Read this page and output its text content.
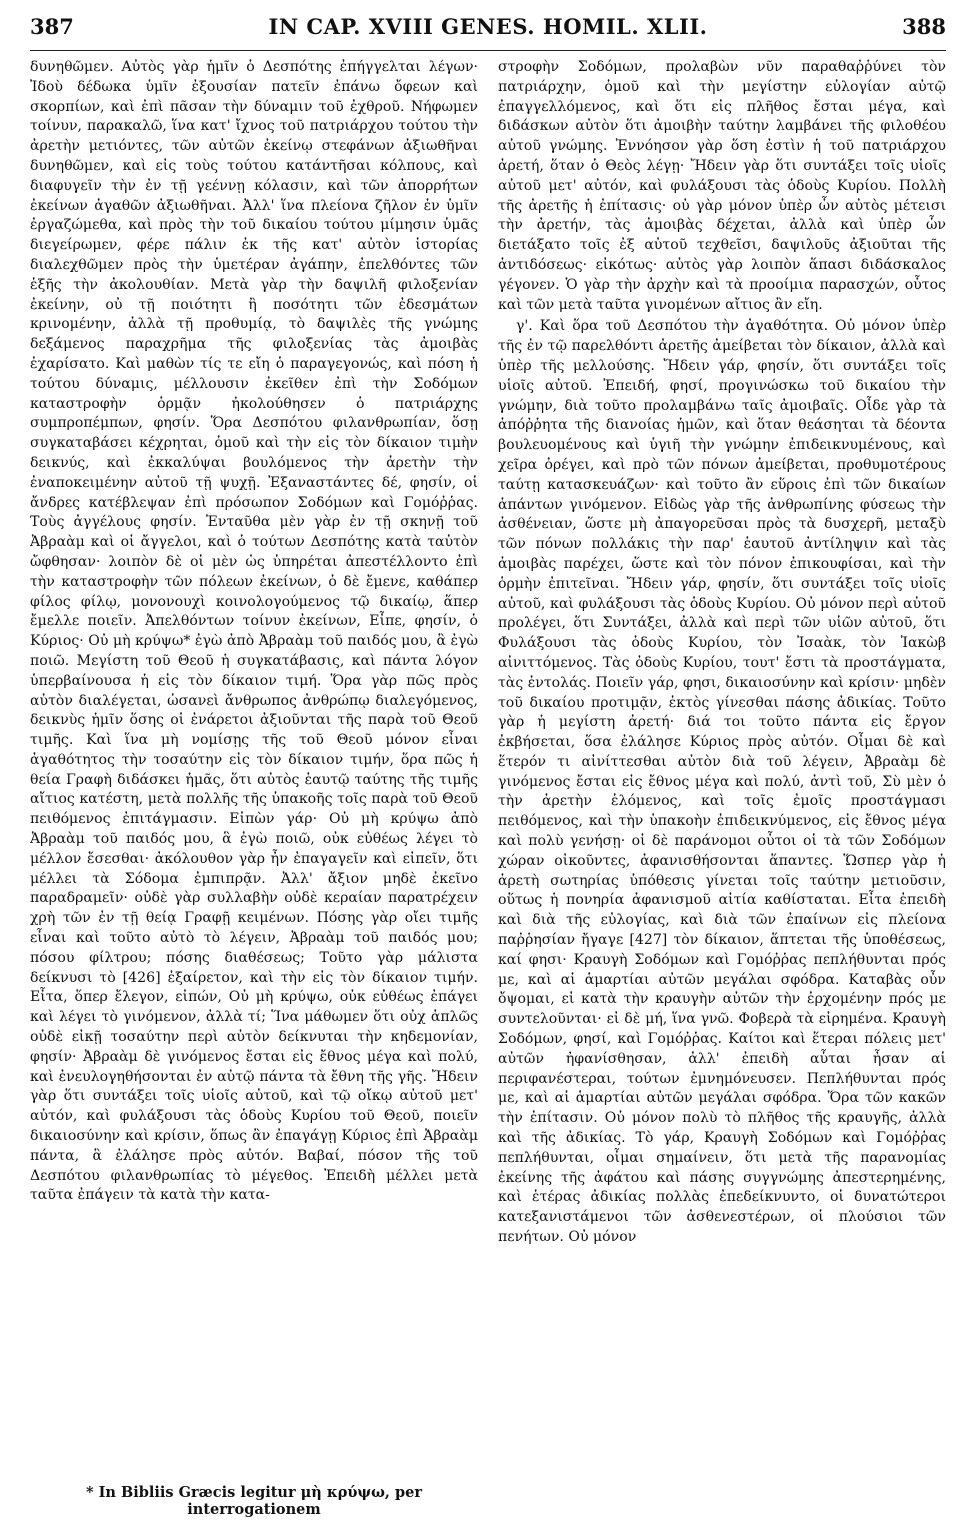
387	IN CAP. XVIII GENES. HOMIL. XLII.	388

δυνηθῶμεν. Αὐτὸς γὰρ ἡμῖν ὁ Δεσπότης ἐπήγγελται λέγων· Ἰδοὺ δέδωκα ὑμῖν ἐξουσίαν πατεῖν ἐπάνω ὄφεων καὶ σκορπίων, καὶ ἐπὶ πᾶσαν τὴν δύναμιν τοῦ ἐχθροῦ. Νήφωμεν τοίνυν, παρακαλῶ, ἵνα κατ' ἴχνος τοῦ πατριάρχου τούτου τὴν ἀρετὴν μετιόντες, τῶν αὐτῶν ἐκείνῳ στεφάνων ἀξιωθῆναι δυνηθῶμεν, καὶ εἰς τοὺς τούτου κατάντῆσαι κόλπους, καὶ διαφυγεῖν τὴν ἐν τῇ γεέννῃ κόλασιν, καὶ τῶν ἀπορρήτων ἐκείνων ἀγαθῶν ἀξιωθῆναι. Ἀλλ' ἵνα πλείονα ζῆλον ἐν ὑμῖν ἐργαζώμεθα, καὶ πρὸς τὴν τοῦ δικαίου τούτου μίμησιν ὑμᾶς διεγείρωμεν, φέρε πάλιν ἐκ τῆς κατ' αὐτὸν ἱστορίας διαλεχθῶμεν πρὸς τὴν ὑμετέραν ἀγάπην, ἐπελθόντες τῶν ἑξῆς τὴν ἀκολουθίαν. Μετὰ γὰρ τὴν δαψιλῆ φιλοξενίαν ἐκείνην, οὐ τῇ ποιότητι ἢ ποσότητι τῶν ἐδεσμάτων κρινομένην, ἀλλὰ τῇ προθυμίᾳ, τὸ δαψιλὲς τῆς γνώμης δεξάμενος παραχρῆμα τῆς φιλοξενίας τὰς ἀμοιβὰς ἐχαρίσατο. Καὶ μαθὼν τίς τε εἴη ὁ παραγεγονώς, καὶ πόση ἡ τούτου δύναμις, μέλλουσιν ἐκεῖθεν ἐπὶ τὴν Σοδόμων καταστροφὴν ὁρμᾷν ἠκολούθησεν ὁ πατριάρχης συμπροπέμπων, φησίν. Ὅρα Δεσπότου φιλανθρωπίαν, ὅσῃ συγκαταβάσει κέχρηται, ὁμοῦ καὶ τὴν εἰς τὸν δίκαιον τιμὴν δεικνύς, καὶ ἐκκαλύψαι βουλόμενος τὴν ἀρετὴν τὴν ἐναποκειμένην αὐτοῦ τῇ ψυχῇ. Ἐξαναστάντες δέ, φησίν, οἱ ἄνδρες κατέβλεψαν ἐπὶ πρόσωπον Σοδόμων καὶ Γομόῤῥας. Τοὺς ἀγγέλους φησίν. Ἐνταῦθα μὲν γὰρ ἐν τῇ σκηνῇ τοῦ Ἀβραὰμ καὶ οἱ ἄγγελοι, καὶ ὁ τούτων Δεσπότης κατὰ ταὐτὸν ὤφθησαν· λοιπὸν δὲ οἱ μὲν ὡς ὑπηρέται ἀπεστέλλοντο ἐπὶ τὴν καταστροφὴν τῶν πόλεων ἐκείνων, ὁ δὲ ἔμενε, καθάπερ φίλος φίλῳ, μονονουχὶ κοινολογούμενος τῷ δικαίῳ, ἅπερ ἔμελλε ποιεῖν. Ἀπελθόντων τοίνυν ἐκείνων, Εἶπε, φησίν, ὁ Κύριος· Οὐ μὴ κρύψω* ἐγὼ ἀπὸ Ἀβραὰμ τοῦ παιδός μου, ἃ ἐγὼ ποιῶ. Μεγίστη τοῦ Θεοῦ ἡ συγκατάβασις, καὶ πάντα λόγον ὑπερβαίνουσα ἡ εἰς τὸν δίκαιον τιμή. Ὅρα γὰρ πῶς πρὸς αὐτὸν διαλέγεται, ὡσανεὶ ἄνθρωπος ἀνθρώπῳ διαλεγόμενος, δεικνὺς ἡμῖν ὅσης οἱ ἐνάρετοι ἀξιοῦνται τῆς παρὰ τοῦ Θεοῦ τιμῆς. Καὶ ἵνα μὴ νομίσῃς τῆς τοῦ Θεοῦ μόνον εἶναι ἀγαθότητος τὴν τοσαύτην εἰς τὸν δίκαιον τιμήν, ὅρα πῶς ἡ θεία Γραφὴ διδάσκει ἡμᾶς, ὅτι αὐτὸς ἑαυτῷ ταύτης τῆς τιμῆς αἴτιος κατέστη, μετὰ πολλῆς τῆς ὑπακοῆς τοῖς παρὰ τοῦ Θεοῦ πειθόμενος ἐπιτάγμασιν. Εἰπὼν γάρ· Οὐ μὴ κρύψω ἀπὸ Ἀβραὰμ τοῦ παιδός μου, ἃ ἐγὼ ποιῶ, οὐκ εὐθέως λέγει τὸ μέλλον ἔσεσθαι· ἀκόλουθον γὰρ ἦν ἐπαγαγεῖν καὶ εἰπεῖν, ὅτι μέλλει τὰ Σόδομα ἐμπιπρᾷν. Ἀλλ' ἄξιον μηδὲ ἐκεῖνο παραδραμεῖν· οὐδὲ γὰρ συλλαβὴν οὐδὲ κεραίαν παρατρέχειν χρὴ τῶν ἐν τῇ θείᾳ Γραφῇ κειμένων. Πόσης γὰρ οἴει τιμῆς εἶναι καὶ τοῦτο αὐτὸ τὸ λέγειν, Ἀβραὰμ τοῦ παιδός μου; πόσου φίλτρου; πόσης διαθέσεως; Τοῦτο γὰρ μάλιστα δείκνυσι τὸ [426] ἐξαίρετον, καὶ τὴν εἰς τὸν δίκαιον τιμήν. Εἶτα, ὅπερ ἔλεγον, εἰπών, Οὐ μὴ κρύψω, οὐκ εὐθέως ἐπάγει καὶ λέγει τὸ γινόμενον, ἀλλὰ τί; Ἵνα μάθωμεν ὅτι οὐχ ἁπλῶς οὐδὲ εἰκῇ τοσαύτην περὶ αὐτὸν δείκνυται τὴν κηδεμονίαν, φησίν· Ἀβραὰμ δὲ γινόμενος ἔσται εἰς ἔθνος μέγα καὶ πολύ, καὶ ἐνευλογηθήσονται ἐν αὐτῷ πάντα τὰ ἔθνη τῆς γῆς. Ἤδειν γὰρ ὅτι συντάξει τοῖς υἱοῖς αὐτοῦ, καὶ τῷ οἴκῳ αὐτοῦ μετ' αὐτόν, καὶ φυλάξουσι τὰς ὁδοὺς Κυρίου τοῦ Θεοῦ, ποιεῖν δικαιοσύνην καὶ κρίσιν, ὅπως ἂν ἐπαγάγῃ Κύριος ἐπὶ Ἀβραὰμ πάντα, ἃ ἐλάλησε πρὸς αὐτόν. Βαβαί, πόσον τῆς τοῦ Δεσπότου φιλανθρωπίας τὸ μέγεθος. Ἐπειδὴ μέλλει μετὰ ταῦτα ἐπάγειν τὰ κατὰ τὴν κατα-

στροφὴν Σοδόμων, προλαβὼν νῦν παραθαῤῥύνει τὸν πατριάρχην, ὁμοῦ καὶ τὴν μεγίστην εὐλογίαν αὐτῷ ἐπαγγελλόμενος, καὶ ὅτι εἰς πλῆθος ἔσται μέγα, καὶ διδάσκων αὐτὸν ὅτι ἀμοιβὴν ταύτην λαμβάνει τῆς φιλοθέου αὐτοῦ γνώμης. Ἐννόησον γὰρ ὅση ἐστὶν ἡ τοῦ πατριάρχου ἀρετή, ὅταν ὁ Θεὸς λέγῃ· Ἤδειν γὰρ ὅτι συντάξει τοῖς υἱοῖς αὐτοῦ μετ' αὐτόν, καὶ φυλάξουσι τὰς ὁδοὺς Κυρίου. Πολλὴ τῆς ἀρετῆς ἡ ἐπίτασις· οὐ γὰρ μόνον ὑπὲρ ὧν αὐτὸς μέτεισι τὴν ἀρετήν, τὰς ἀμοιβὰς δέχεται, ἀλλὰ καὶ ὑπὲρ ὧν διετάξατο τοῖς ἐξ αὐτοῦ τεχθεῖσι, δαψιλοῦς ἀξιοῦται τῆς ἀντιδόσεως· εἰκότως· αὐτὸς γὰρ λοιπὸν ἅπασι διδάσκαλος γέγονεν. Ὁ γὰρ τὴν ἀρχὴν καὶ τὰ προοίμια παρασχών, οὗτος καὶ τῶν μετὰ ταῦτα γινομένων αἴτιος ἂν εἴη.

γ'. Καὶ ὅρα τοῦ Δεσπότου τὴν ἀγαθότητα. Οὐ μόνον ὑπὲρ τῆς ἐν τῷ παρελθόντι ἀρετῆς ἀμείβεται τὸν δίκαιον, ἀλλὰ καὶ ὑπὲρ τῆς μελλούσης. Ἤδειν γάρ, φησίν, ὅτι συντάξει τοῖς υἱοῖς αὐτοῦ. Ἐπειδή, φησί, προγινώσκω τοῦ δικαίου τὴν γνώμην, διὰ τοῦτο προλαμβάνω ταῖς ἀμοιβαῖς. Οἶδε γὰρ τὰ ἀπόῤῥητα τῆς διανοίας ἡμῶν, καὶ ὅταν θεάσηται τὰ δέοντα βουλευομένους καὶ ὑγιῆ τὴν γνώμην ἐπιδεικνυμένους, καὶ χεῖρα ὀρέγει, καὶ πρὸ τῶν πόνων ἀμείβεται, προθυμοτέρους ταύτῃ κατασκευάζων· καὶ τοῦτο ἂν εὕροις ἐπὶ τῶν δικαίων ἁπάντων γινόμενον. Εἰδὼς γὰρ τῆς ἀνθρωπίνης φύσεως τὴν ἀσθένειαν, ὥστε μὴ ἀπαγορεῦσαι πρὸς τὰ δυσχερῆ, μεταξὺ τῶν πόνων πολλάκις τὴν παρ' ἑαυτοῦ ἀντίληψιν καὶ τὰς ἀμοιβὰς παρέχει, ὥστε καὶ τὸν πόνον ἐπικουφίσαι, καὶ τὴν ὁρμὴν ἐπιτεῖναι. Ἤδειν γάρ, φησίν, ὅτι συντάξει τοῖς υἱοῖς αὐτοῦ, καὶ φυλάξουσι τὰς ὁδοὺς Κυρίου. Οὐ μόνον περὶ αὐτοῦ προλέγει, ὅτι Συντάξει, ἀλλὰ καὶ περὶ τῶν υἱῶν αὐτοῦ, ὅτι Φυλάξουσι τὰς ὁδοὺς Κυρίου, τὸν Ἰσαὰκ, τὸν Ἰακὼβ αἰνιττόμενος. Τὰς ὁδοὺς Κυρίου, τουτ' ἔστι τὰ προστάγματα, τὰς ἐντολάς. Ποιεῖν γάρ, φησι, δικαιοσύνην καὶ κρίσιν· μηδὲν τοῦ δικαίου προτιμᾷν, ἐκτὸς γίνεσθαι πάσης ἀδικίας. Τοῦτο γὰρ ἡ μεγίστη ἀρετή· διά τοι τοῦτο πάντα εἰς ἔργον ἐκβήσεται, ὅσα ἐλάλησε Κύριος πρὸς αὐτόν. Οἶμαι δὲ καὶ ἕτερόν τι αἰνίττεσθαι αὐτὸν διὰ τοῦ λέγειν, Ἀβραὰμ δὲ γινόμενος ἔσται εἰς ἔθνος μέγα καὶ πολύ, ἀντὶ τοῦ, Σὺ μὲν ὁ τὴν ἀρετὴν ἑλόμενος, καὶ τοῖς ἐμοῖς προστάγμασι πειθόμενος, καὶ τὴν ὑπακοὴν ἐπιδεικνύμενος, εἰς ἔθνος μέγα καὶ πολὺ γενήσῃ· οἱ δὲ παράνομοι οὗτοι οἱ τὰ τῶν Σοδόμων χώραν οἰκοῦντες, ἀφανισθήσονται ἅπαντες. Ὥσπερ γὰρ ἡ ἀρετὴ σωτηρίας ὑπόθεσις γίνεται τοῖς ταύτην μετιοῦσιν, οὕτως ἡ πονηρία ἀφανισμοῦ αἰτία καθίσταται. Εἶτα ἐπειδὴ καὶ διὰ τῆς εὐλογίας, καὶ διὰ τῶν ἐπαίνων εἰς πλείονα παῤῥησίαν ἤγαγε [427] τὸν δίκαιον, ἅπτεται τῆς ὑποθέσεως, καί φησι· Κραυγὴ Σοδόμων καὶ Γομόῤῥας πεπλήθυνται πρός με, καὶ αἱ ἁμαρτίαι αὐτῶν μεγάλαι σφόδρα. Καταβὰς οὖν ὄψομαι, εἰ κατὰ τὴν κραυγὴν αὐτῶν τὴν ἐρχομένην πρός με συντελοῦνται· εἰ δὲ μή, ἵνα γνῶ. Φοβερὰ τὰ εἰρημένα. Κραυγὴ Σοδόμων, φησί, καὶ Γομόῤῥας. Καίτοι καὶ ἕτεραι πόλεις μετ' αὐτῶν ἠφανίσθησαν, ἀλλ' ἐπειδὴ αὗται ἦσαν αἱ περιφανέστεραι, τούτων ἐμνημόνευσεν. Πεπλήθυνται πρός με, καὶ αἱ ἁμαρτίαι αὐτῶν μεγάλαι σφόδρα. Ὅρα τῶν κακῶν τὴν ἐπίτασιν. Οὐ μόνον πολὺ τὸ πλῆθος τῆς κραυγῆς, ἀλλὰ καὶ τῆς ἀδικίας. Τὸ γάρ, Κραυγὴ Σοδόμων καὶ Γομόῤῥας πεπλήθυνται, οἶμαι σημαίνειν, ὅτι μετὰ τῆς παρανομίας ἐκείνης τῆς ἀφάτου καὶ πάσης συγγνώμης ἀπεστερημένης, καὶ ἑτέρας ἀδικίας πολλὰς ἐπεδείκνυντο, οἱ δυνατώτεροι κατεξανιστάμενοι τῶν ἀσθενεστέρων, οἱ πλούσιοι τῶν πενήτων. Οὐ μόνον

* In Bibliis Græcis legitur μὴ κρύψω, per interrogationem
